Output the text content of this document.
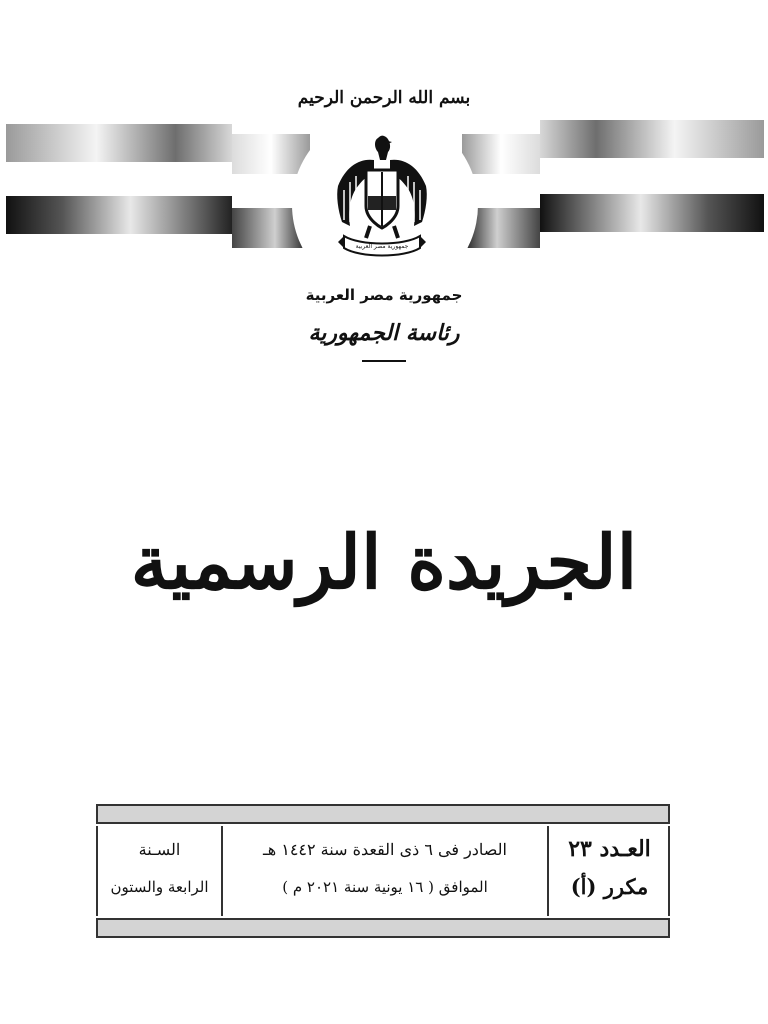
بسم الله الرحمن الرحيم
جمهورية مصر العربية
جمهورية مصر العربية
رئاسة الجمهورية
الجريدة الرسمية
السـنة
الرابعة والستون
الصادر فى ٦ ذى القعدة سنة ١٤٤٢ هـ
الموافق ( ١٦ يونية سنة ٢٠٢١ م )
العـدد ٢٣
مكرر (أ)
